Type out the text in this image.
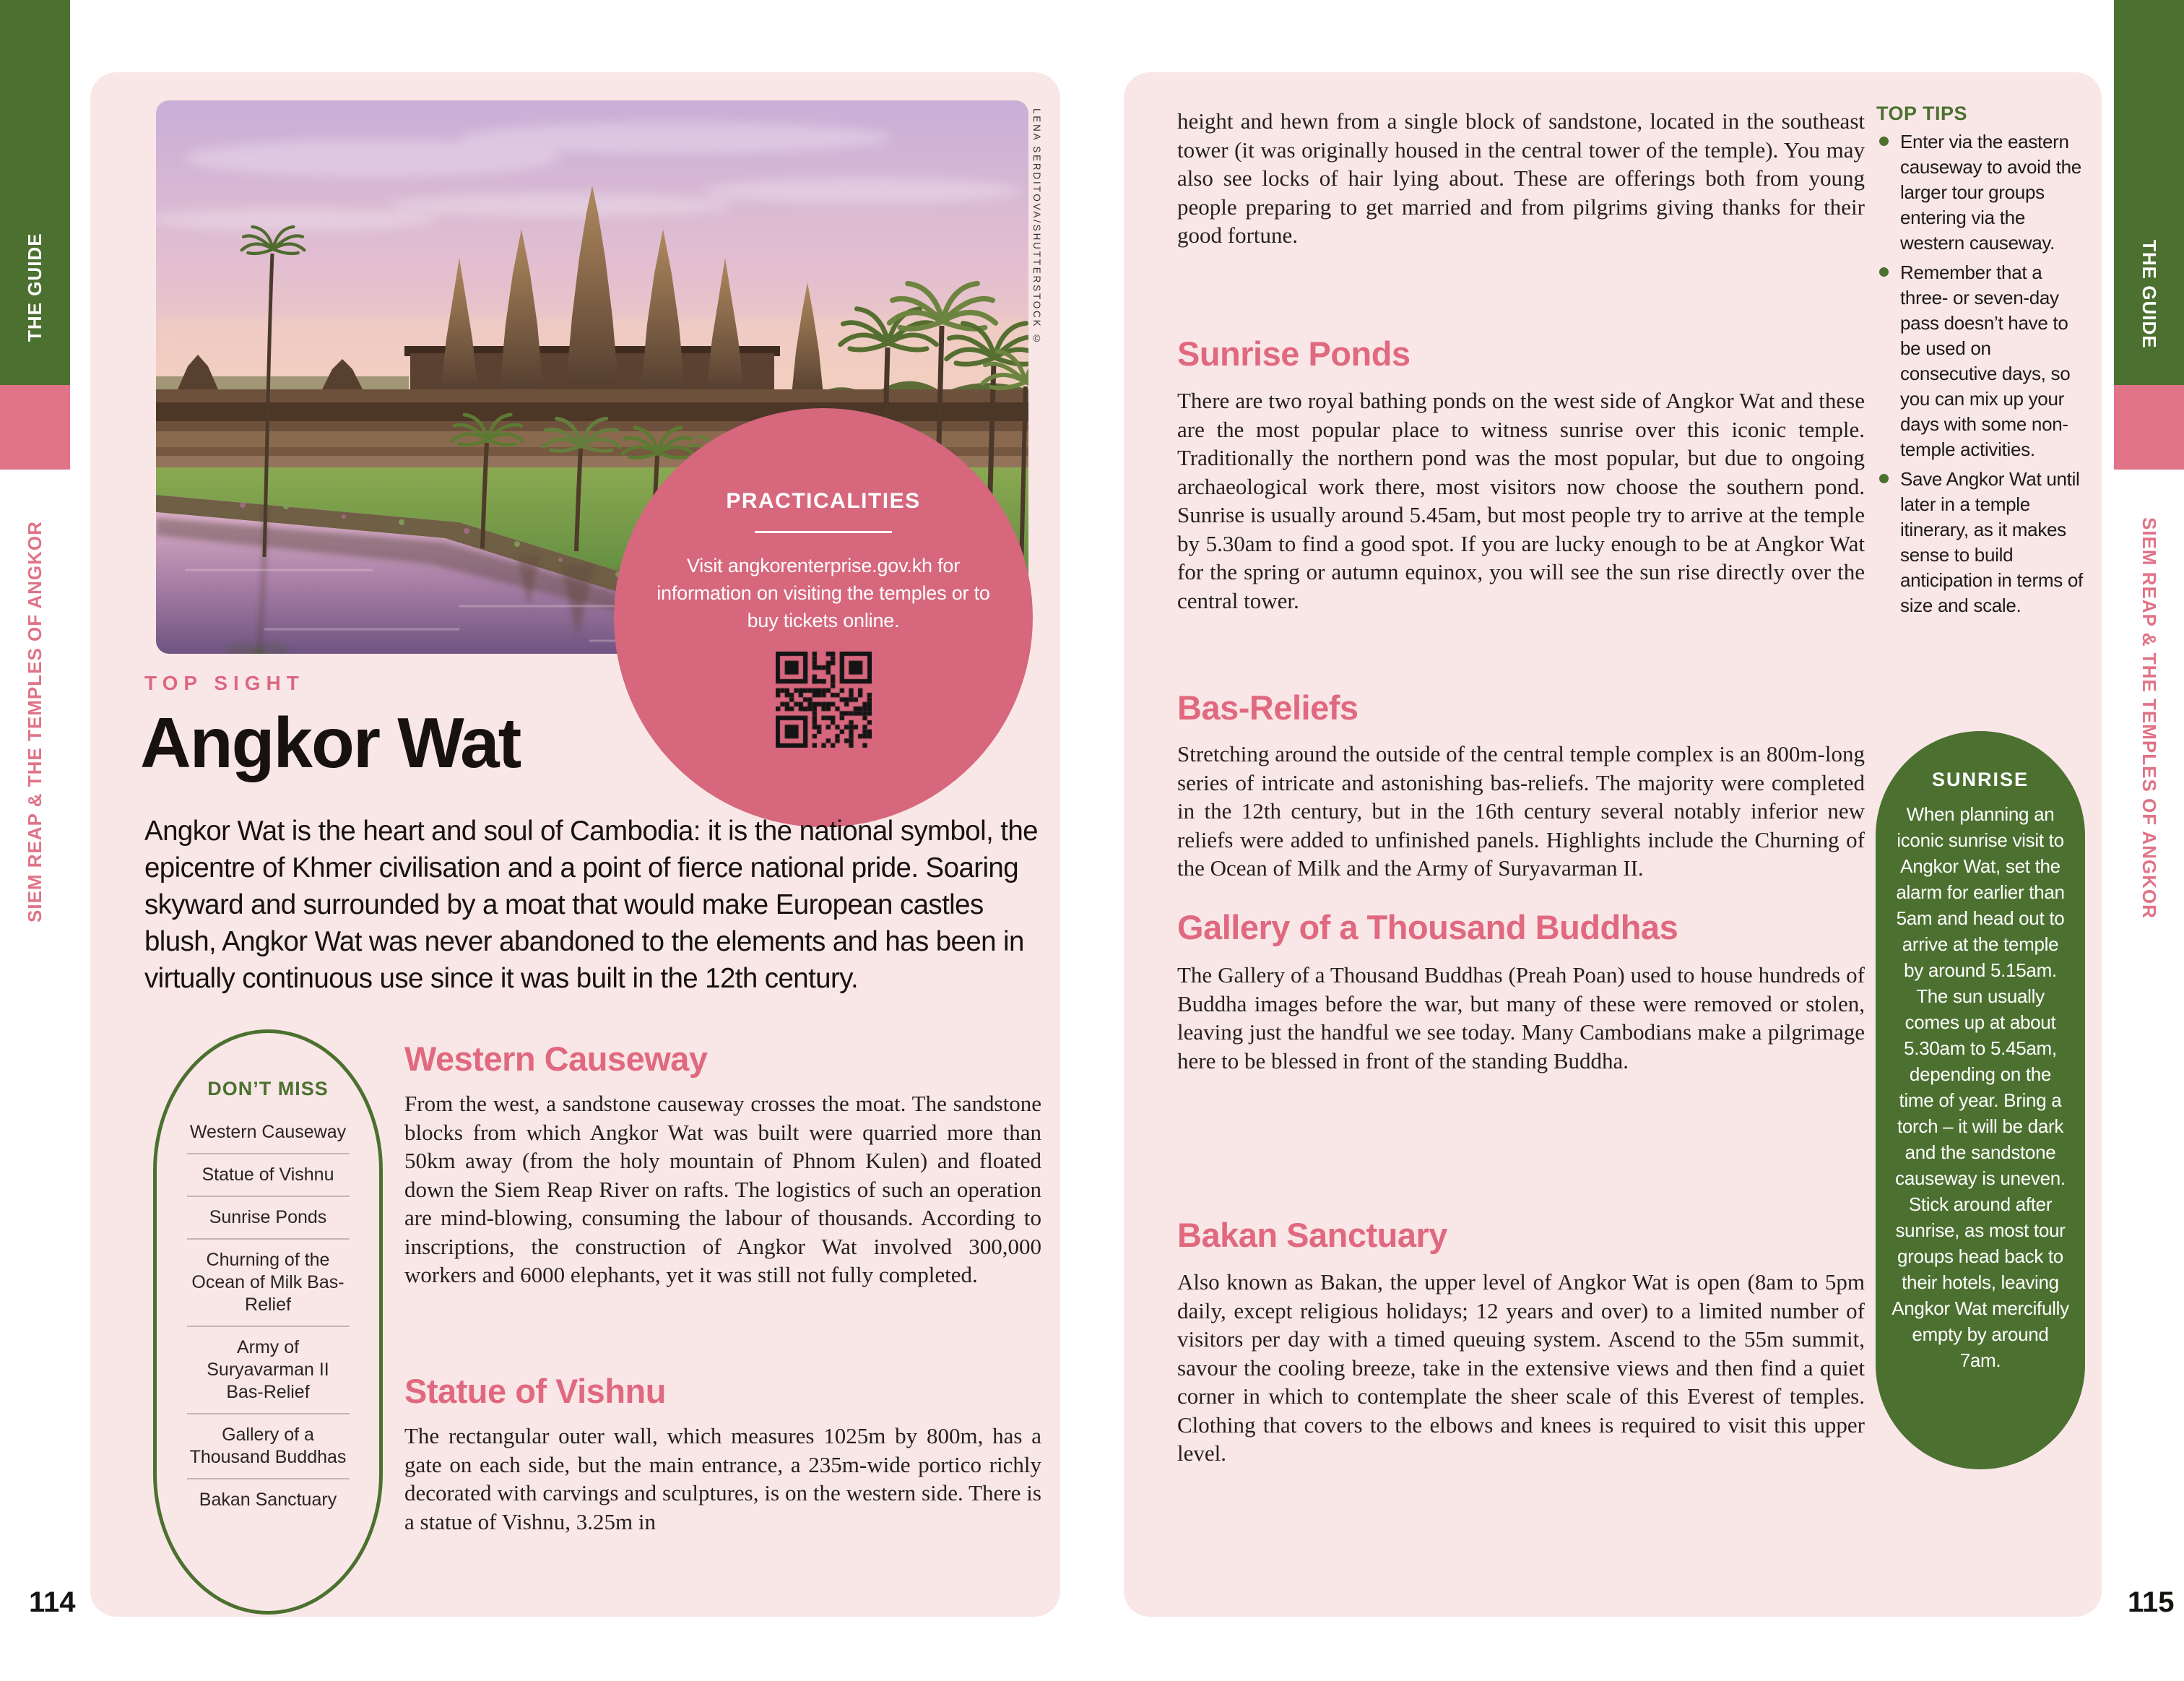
THE GUIDE
SIEM REAP & THE TEMPLES OF ANGKOR
THE GUIDE
SIEM REAP & THE TEMPLES OF ANGKOR
LENA SERDITOVA/SHUTTERSTOCK ©
PRACTICALITIES
Visit angkorenterprise.gov.kh for information on visiting the temples or to buy tickets online.
TOP SIGHT
Angkor Wat
Angkor Wat is the heart and soul of Cambodia: it is the national symbol, the epicentre of Khmer civilisation and a point of fierce national pride. Soaring skyward and surrounded by a moat that would make European castles blush, Angkor Wat was never abandoned to the elements and has been in virtually continuous use since it was built in the 12th century.
DON’T MISS
Western Causeway
Statue of Vishnu
Sunrise Ponds
Churning of the Ocean of Milk Bas-Relief
Army of Suryavarman II Bas-Relief
Gallery of a Thousand Buddhas
Bakan Sanctuary
Western Causeway
From the west, a sandstone causeway crosses the moat. The sandstone blocks from which Angkor Wat was built were quarried more than 50km away (from the holy mountain of Phnom Kulen) and floated down the Siem Reap River on rafts. The logistics of such an operation are mind-blowing, consuming the labour of thousands. According to inscriptions, the construction of Angkor Wat involved 300,000 workers and 6000 elephants, yet it was still not fully completed.
Statue of Vishnu
The rectangular outer wall, which measures 1025m by 800m, has a gate on each side, but the main entrance, a 235m-wide portico richly decorated with carvings and sculptures, is on the western side. There is a statue of Vishnu, 3.25m in
height and hewn from a single block of sandstone, located in the southeast tower (it was originally housed in the central tower of the temple). You may also see locks of hair lying about. These are offerings both from young people preparing to get married and from pilgrims giving thanks for their good fortune.
Sunrise Ponds
There are two royal bathing ponds on the west side of Angkor Wat and these are the most popular place to witness sunrise over this iconic temple. Traditionally the northern pond was the most popular, but due to ongoing archaeological work there, most visitors now choose the southern pond. Sunrise is usually around 5.45am, but most people try to arrive at the temple by 5.30am to find a good spot. If you are lucky enough to be at Angkor Wat for the spring or autumn equinox, you will see the sun rise directly over the central tower.
Bas-Reliefs
Stretching around the outside of the central temple complex is an 800m-long series of intricate and astonishing bas-reliefs. The majority were completed in the 12th century, but in the 16th century several notably inferior new reliefs were added to unfinished panels. Highlights include the Churning of the Ocean of Milk and the Army of Suryavarman II.
Gallery of a Thousand Buddhas
The Gallery of a Thousand Buddhas (Preah Poan) used to house hundreds of Buddha images before the war, but many of these were removed or stolen, leaving just the handful we see today. Many Cambodians make a pilgrimage here to be blessed in front of the standing Buddha.
Bakan Sanctuary
Also known as Bakan, the upper level of Angkor Wat is open (8am to 5pm daily, except religious holidays; 12 years and over) to a limited number of visitors per day with a timed queuing system. Ascend to the 55m summit, savour the cooling breeze, take in the extensive views and then find a quiet corner in which to contemplate the sheer scale of this Everest of temples. Clothing that covers to the elbows and knees is required to visit this upper level.
TOP TIPS
Enter via the eastern causeway to avoid the larger tour groups entering via the western causeway.
Remember that a three- or seven-day pass doesn’t have to be used on consecutive days, so you can mix up your days with some non-temple activities.
Save Angkor Wat until later in a temple itinerary, as it makes sense to build anticipation in terms of size and scale.
SUNRISE
When planning an iconic sunrise visit to Angkor Wat, set the alarm for earlier than 5am and head out to arrive at the temple by around 5.15am. The sun usually comes up at about 5.30am to 5.45am, depending on the time of year. Bring a torch – it will be dark and the sandstone causeway is uneven. Stick around after sunrise, as most tour groups head back to their hotels, leaving Angkor Wat mercifully empty by around 7am.
114	115
